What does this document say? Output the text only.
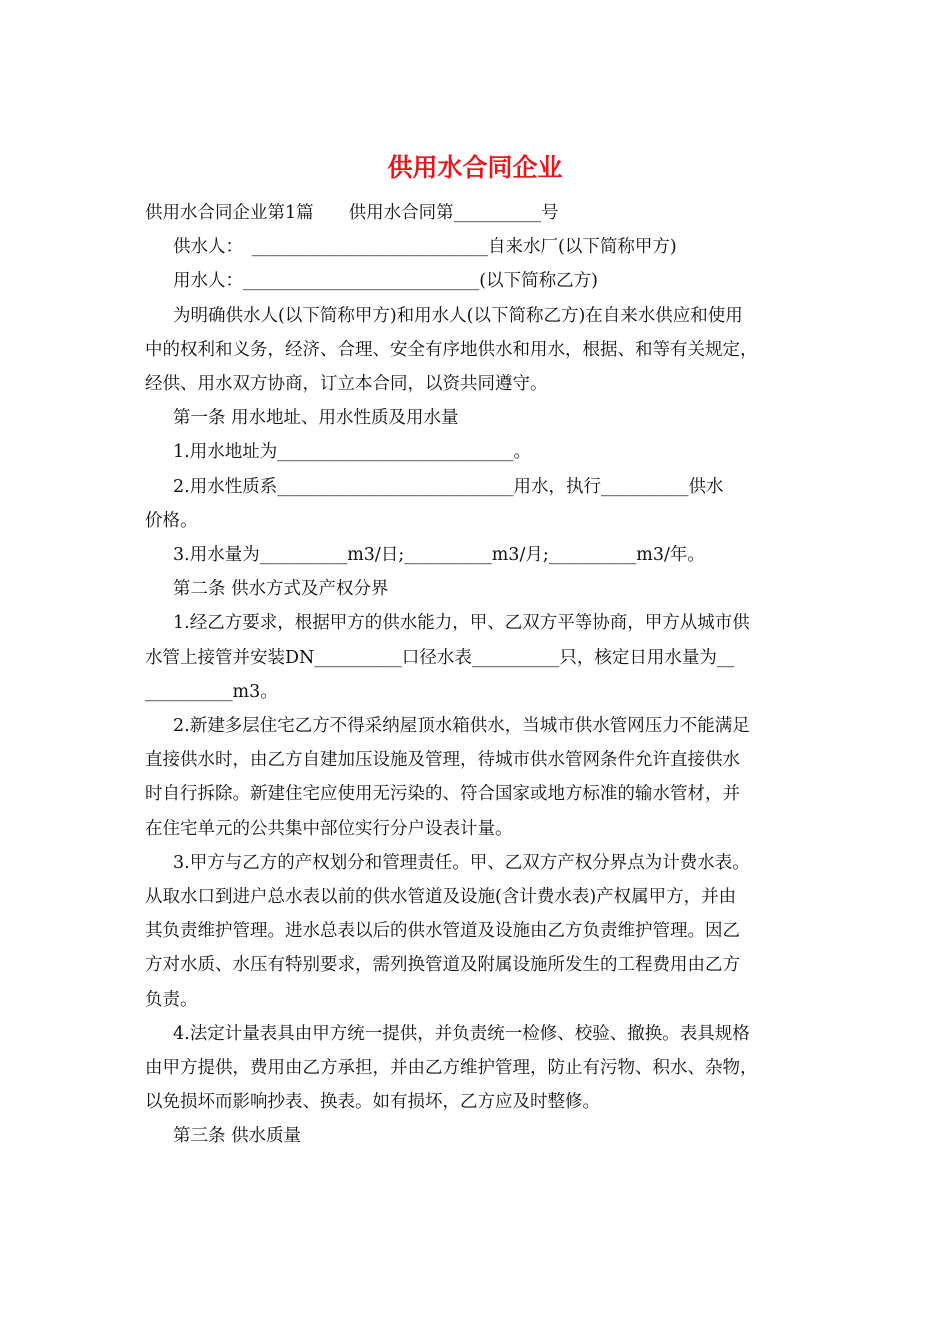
供用水合同企业

供用水合同企业第1篇　　供用水合同第__________号

供水人：　___________________________自来水厂(以下简称甲方)

用水人：___________________________(以下简称乙方)

为明确供水人(以下简称甲方)和用水人(以下简称乙方)在自来水供应和使用

中的权利和义务，经济、合理、安全有序地供水和用水，根据、和等有关规定，

经供、用水双方协商，订立本合同，以资共同遵守。

第一条 用水地址、用水性质及用水量

1.用水地址为___________________________。

2.用水性质系___________________________用水，执行__________供水

价格。

3.用水量为__________m3/日;__________m3/月;__________m3/年。

第二条 供水方式及产权分界

1.经乙方要求，根据甲方的供水能力，甲、乙双方平等协商，甲方从城市供

水管上接管并安装DN__________口径水表__________只，核定日用水量为__

__________m3。

2.新建多层住宅乙方不得采纳屋顶水箱供水，当城市供水管网压力不能满足

直接供水时，由乙方自建加压设施及管理，待城市供水管网条件允许直接供水

时自行拆除。新建住宅应使用无污染的、符合国家或地方标准的输水管材，并

在住宅单元的公共集中部位实行分户设表计量。

3.甲方与乙方的产权划分和管理责任。甲、乙双方产权分界点为计费水表。

从取水口到进户总水表以前的供水管道及设施(含计费水表)产权属甲方，并由

其负责维护管理。进水总表以后的供水管道及设施由乙方负责维护管理。因乙

方对水质、水压有特别要求，需列换管道及附属设施所发生的工程费用由乙方

负责。

4.法定计量表具由甲方统一提供，并负责统一检修、校验、撤换。表具规格

由甲方提供，费用由乙方承担，并由乙方维护管理，防止有污物、积水、杂物，

以免损坏而影响抄表、换表。如有损坏，乙方应及时整修。

第三条 供水质量
